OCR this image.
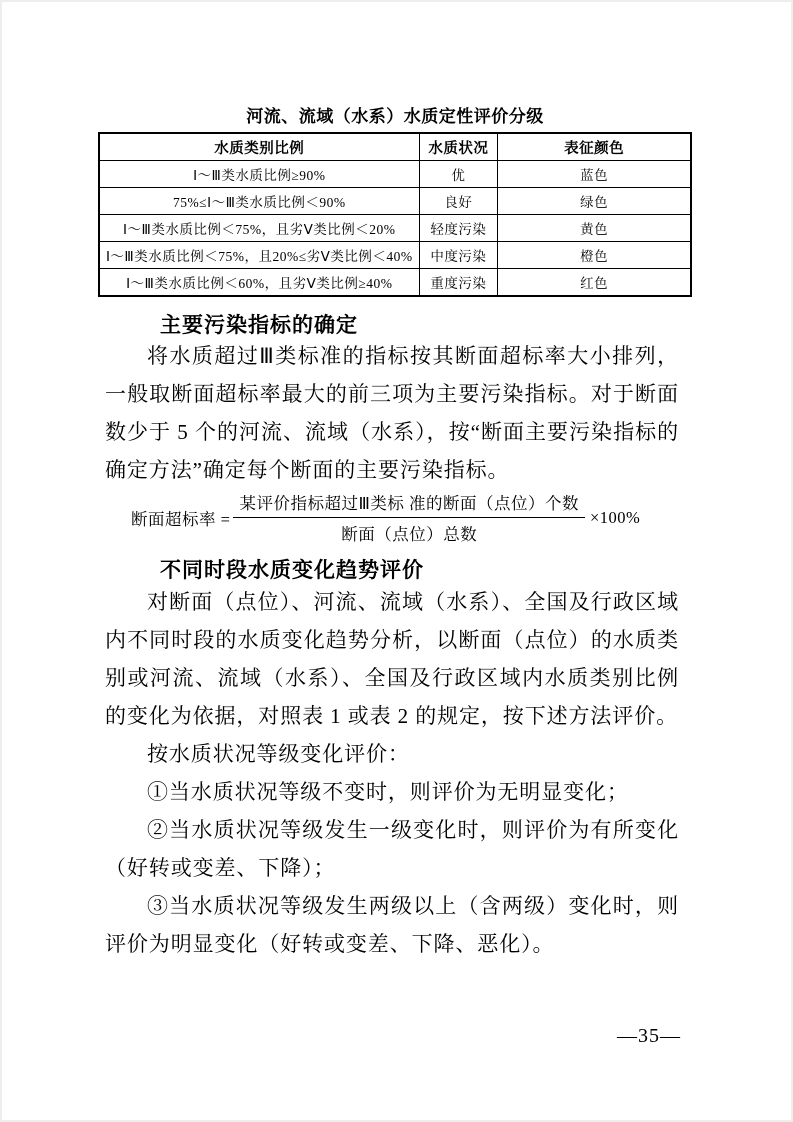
河流、流域（水系）水质定性评价分级
水质类别比例	水质状况	表征颜色
Ⅰ～Ⅲ类水质比例≥90%	优	蓝色
75%≤Ⅰ～Ⅲ类水质比例＜90%	良好	绿色
Ⅰ～Ⅲ类水质比例＜75%，且劣Ⅴ类比例＜20%	轻度污染	黄色
Ⅰ～Ⅲ类水质比例＜75%，且20%≤劣Ⅴ类比例＜40%	中度污染	橙色
Ⅰ～Ⅲ类水质比例＜60%，且劣Ⅴ类比例≥40%	重度污染	红色
主要污染指标的确定

将水质超过Ⅲ类标准的指标按其断面超标率大小排列，一般取断面超标率最大的前三项为主要污染指标。对于断面数少于 5 个的河流、流域（水系），按“断面主要污染指标的确定方法”确定每个断面的主要污染指标。

断面超标率 = $\frac{\text{某评价指标超过Ⅲ类标 准的断面（点位）个数}}{\text{断面（点位）总数}} \times 100\%$
不同时段水质变化趋势评价

对断面（点位）、河流、流域（水系）、全国及行政区域内不同时段的水质变化趋势分析，以断面（点位）的水质类别或河流、流域（水系）、全国及行政区域内水质类别比例的变化为依据，对照表 1 或表 2 的规定，按下述方法评价。

按水质状况等级变化评价：

①当水质状况等级不变时，则评价为无明显变化；

②当水质状况等级发生一级变化时，则评价为有所变化（好转或变差、下降）；

③当水质状况等级发生两级以上（含两级）变化时，则评价为明显变化（好转或变差、下降、恶化）。

—35—
